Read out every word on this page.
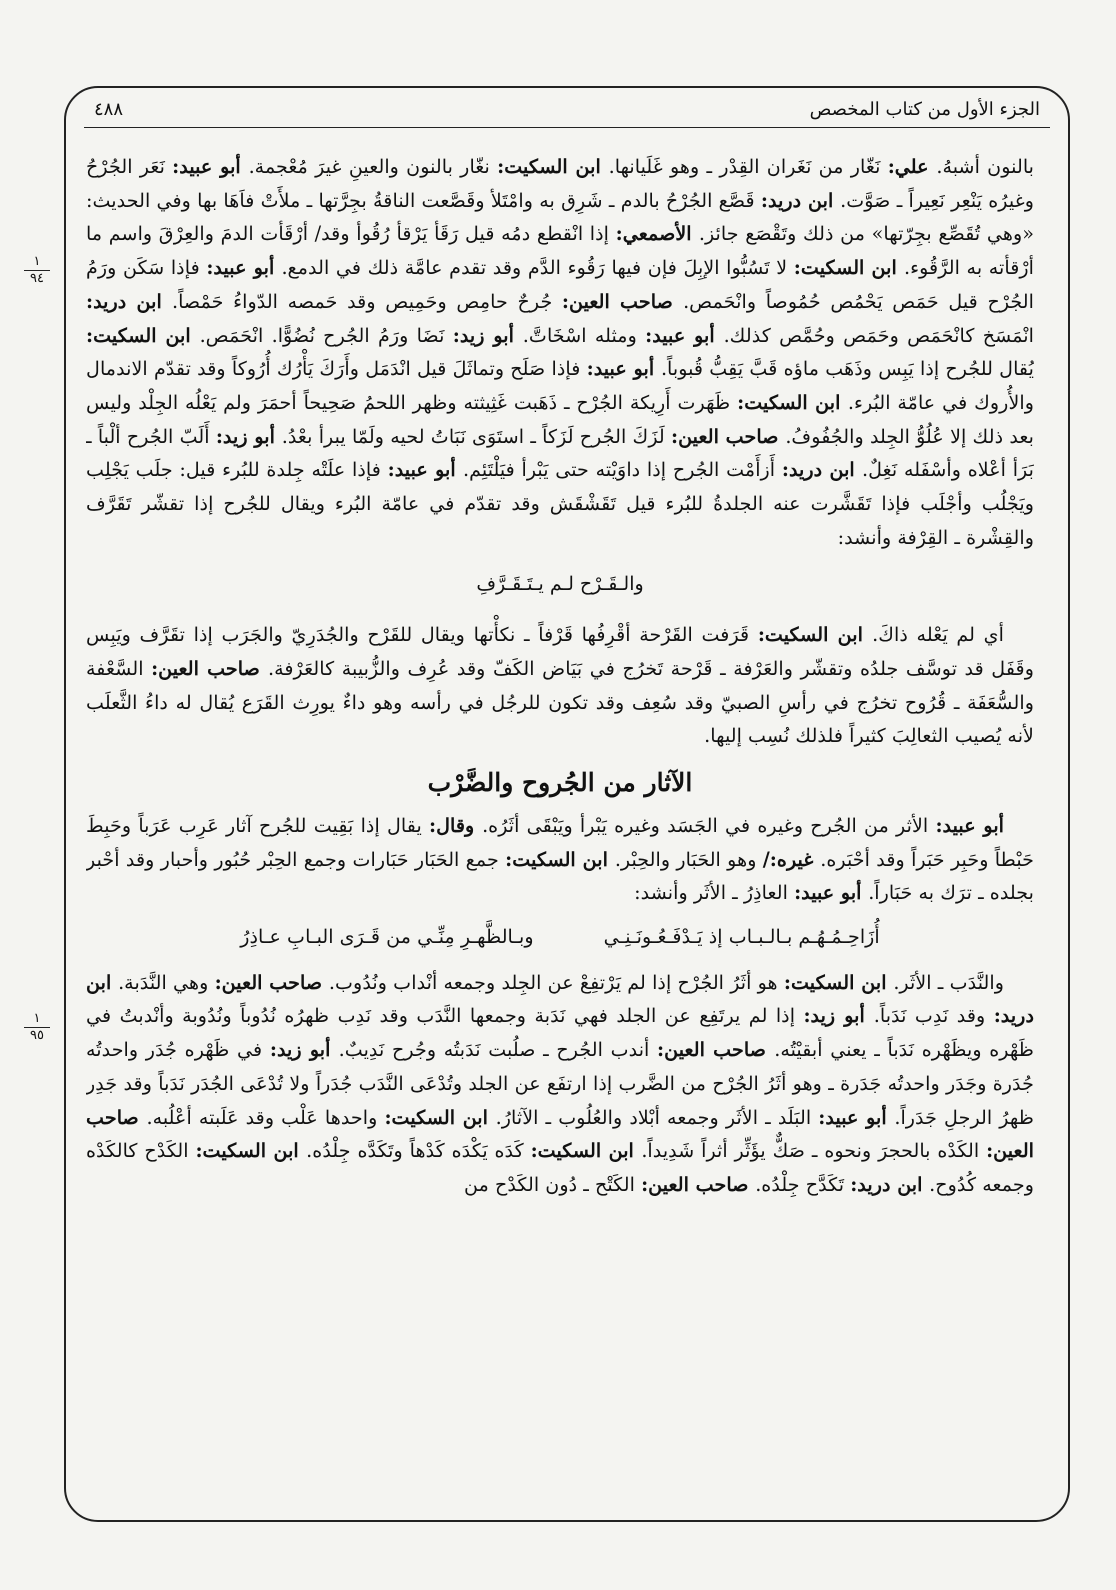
الجزء الأول من كتاب المخصص
٤٨٨
١
٩٤
١
٩٥

بالنون أشبهُ. علي: نَغّار من نَغَران القِدْر ـ وهو غَلَيانها. ابن السكيت: نغّار بالنون والعينِ غيرَ مُعْجمة. أبو عبيد: نَعَر الجُرْحُ وغيرُه يَنْعِر نَعِيراً ـ صَوَّت. ابن دريد: قَصَّع الجُرْحُ بالدم ـ شَرِق به وامْتَلأ وقَصَّعت الناقةُ بجِرَّتها ـ ملأَتْ فاَهَا بها وفي الحديث: «وهي تُقَصِّع بجِرّتها» من ذلك وتَقْصَع جائز. الأصمعي: إذا انْقطع دمُه قيل رَقَأ يَرْقأ رُقُوأ وقد/ أرْقَأت الدمَ والعِرْقَ واسم ما أرْقأته به الرَّقُوء. ابن السكيت: لا تَسُبُّوا الإبِلَ فإن فيها رَقُوء الدَّم وقد تقدم عامَّة ذلك في الدمع. أبو عبيد: فإذا سَكَن ورَمُ الجُرْح قيل حَمَص يَحْمُص حُمُوصاً وانْحَمص. صاحب العين: جُرحٌ حامِص وحَمِيص وقد حَمصه الدّواءُ حَمْصاً. ابن دريد: انْمَسَخ كانْحَمَص وحَمَص وحُمَّص كذلك. أبو عبيد: ومثله اسْخَاتَّ. أبو زيد: نَضَا ورَمُ الجُرح نُضُوًّا. انْحَمَص. ابن السكيت: يُقال للجُرح إذا يَبِس وذَهَب ماؤه قَبَّ يَقِبُّ قُبوباً. أبو عبيد: فإذا صَلَح وتماثَلَ قيل انْدَمَل وأَرَكَ يَأْرُك أُرُوكاً وقد تقدّم الاندمال والأُروك في عامّة البُرء. ابن السكيت: ظَهَرت أَرِيكة الجُرْح ـ ذَهَبت غَثِيثته وظهر اللحمُ صَحِيحاً أحمَرَ ولم يَعْلُه الجِلْد وليس بعد ذلك إلا عُلُوُّ الجِلد والجُفُوفُ. صاحب العين: لَزَكَ الجُرح لَزَكاً ـ استَوَى نَبَاتُ لحيه ولَمّا يبرأ بعْدُ. أبو زيد: أَلَبّ الجُرح ألْباً ـ بَرَأ أعْلاه وأسْفَله نَغِلٌ. ابن دريد: أَزأَمْت الجُرح إذا داوَيْته حتى يَبْرأ فيَلْتَئِم. أبو عبيد: فإذا علَتْه جِلدة للبُرء قيل: جلَب يَجْلِب ويَجْلُب وأجْلَب فإذا تَقَشَّرت عنه الجلدةُ للبُرء قيل تَقَشْقَش وقد تقدّم في عامّة البُرء ويقال للجُرح إذا تقشّر تَقَرَّف والقِشْرة ـ القِرْفة وأنشد:

والـقَـرْح لـم يـتَـقَـرَّفِ

أي لم يَعْله ذاكَ. ابن السكيت: قَرَفت القَرْحة أقْرِفُها قَرْفاً ـ نكأْتها ويقال للقَرْح والجُدَرِيّ والجَرَب إذا تقَرَّف ويَبِس وقَفَل قد توسَّف جلدُه وتقشّر والعَرْفة ـ قَرْحة تَخرُج في بَيَاض الكَفّ وقد عُرِف والزُّبيبة كالعَرْفة. صاحب العين: السَّعْفة والسُّعَفَة ـ قُرُوح تخرُج في رأسِ الصبيّ وقد سُعِف وقد تكون للرجُل في رأسه وهو داءٌ يورِث القَرَع يُقال له داءُ الثَّعلَب لأنه يُصيب الثعالِبَ كثيراً فلذلك نُسِب إليها.

الآثار من الجُروح والضَّرْب

أبو عبيد: الأثر من الجُرح وغيره في الجَسَد وغيره يَبْرأ ويَبْقَى أثَرُه. وقال: يقال إذا بَقِيت للجُرح آثار عَرِب عَرَباً وحَبِطَ حَبْطاً وحَبِر حَبَراً وقد أحْبَره. غيره:/ وهو الحَبَار والحِبْر. ابن السكيت: جمع الحَبَار حَبَارات وجمع الحِبْر حُبُور وأحبار وقد أحْبر بجلده ـ ترَك به حَبَاراً. أبو عبيد: العاذِرُ ـ الأثَر وأنشد:

أُزَاحِـمُـهُـم بـالـبـاب إذ يَـدْفَـعُـونَـنِـي
وبـالظَّهـرِ مِنِّـي من قَـرَى البـابِ عـاذِرُ

والنَّدَب ـ الأثَر. ابن السكيت: هو أثَرُ الجُرْح إذا لم يَرْتفِعْ عن الجِلد وجمعه أنْداب ونُدُوب. صاحب العين: وهي النَّدَبة. ابن دريد: وقد نَدِب نَدَباً. أبو زيد: إذا لم يرتَفِع عن الجلد فهي نَدَبة وجمعها النَّدَب وقد نَدِب ظهرُه نُدُوباً ونُدُوبة وأنْدبتُ في ظَهْره ويظَهْره نَدَباً ـ يعني أبقيْتُه. صاحب العين: أندب الجُرح ـ صلُبت نَدَبتُه وجُرح نَدِيبٌ. أبو زيد: في ظَهْره جُدَر واحدتُه جُدَرة وجَدَر واحدتُه جَدَرة ـ وهو أثَرُ الجُرْح من الضَّرب إذا ارتفَع عن الجلد وتُدْعَى النَّدَب جُدَراً ولا تُدْعَى الجُدَر نَدَباً وقد جَدِر ظهرُ الرجلِ جَدَراً. أبو عبيد: البَلَد ـ الأثَر وجمعه أبْلاد والعُلُوب ـ الآثارُ. ابن السكيت: واحدها عَلْب وقد عَلَبته أعْلُبه. صاحب العين: الكَدْه بالحجرَ ونحوه ـ صَكٌّ يؤَثِّر أثراً شَدِيداً. ابن السكيت: كَدَه يَكْدَه كَدْهاً وتَكَدَّه جِلْدُه. ابن السكيت: الكَدْح كالكَدْه وجمعه كُدُوح. ابن دريد: تَكَدَّح جِلْدُه. صاحب العين: الكَتْح ـ دُون الكَدْح من
